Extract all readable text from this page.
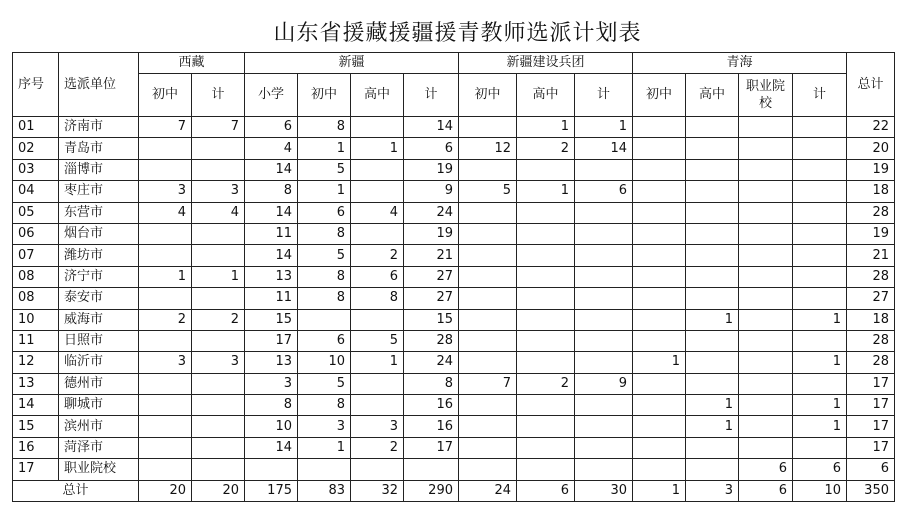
山东省援藏援疆援青教师选派计划表
序号	选派单位	西藏		新疆				新疆建设兵团			青海				总计
		初中	计	小学	初中	高中	计	初中	高中	计	初中	高中	职业院校	计	
01	济南市	7	7	6	8		14		1	1					22
02	青岛市			4	1	1	6	12	2	14					20
03	淄博市			14	5		19								19
04	枣庄市	3	3	8	1		9	5	1	6					18
05	东营市	4	4	14	6	4	24								28
06	烟台市			11	8		19								19
07	潍坊市			14	5	2	21								21
08	济宁市	1	1	13	8	6	27								28
08	泰安市			11	8	8	27								27
10	威海市	2	2	15			15					1		1	18
11	日照市			17	6	5	28								28
12	临沂市	3	3	13	10	1	24				1			1	28
13	德州市			3	5		8	7	2	9					17
14	聊城市			8	8		16					1		1	17
15	滨州市			10	3	3	16					1		1	17
16	菏泽市			14	1	2	17								17
17	职业院校												6	6	6
总计		20	20	175	83	32	290	24	6	30	1	3	6	10	350
